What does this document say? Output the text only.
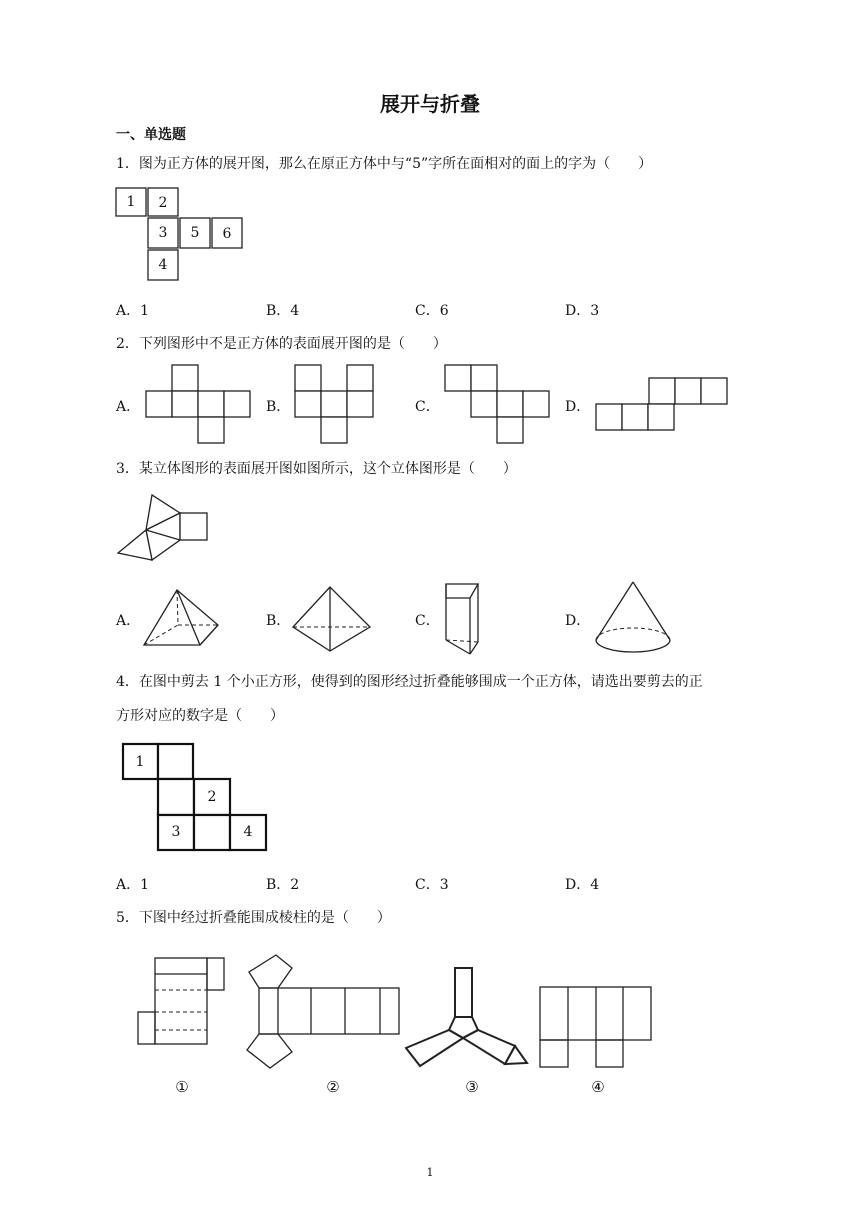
展开与折叠
一、单选题
1．图为正方体的展开图，那么在原正方体中与“5”字所在面相对的面上的字为（　　）
1 2
3 5 6
4
A．1	B．4	C．6	D．3
2．下列图形中不是正方体的表面展开图的是（　　）
A．	B．	C．	D．
3．某立体图形的表面展开图如图所示，这个立体图形是（　　）
A．	B．	C．	D．
4．在图中剪去 1 个小正方形，使得到的图形经过折叠能够围成一个正方体，请选出要剪去的正
方形对应的数字是（　　）
1
2
3	4
A．1	B．2	C．3	D．4
5．下图中经过折叠能围成棱柱的是（　　）
①	②	③	④
1
